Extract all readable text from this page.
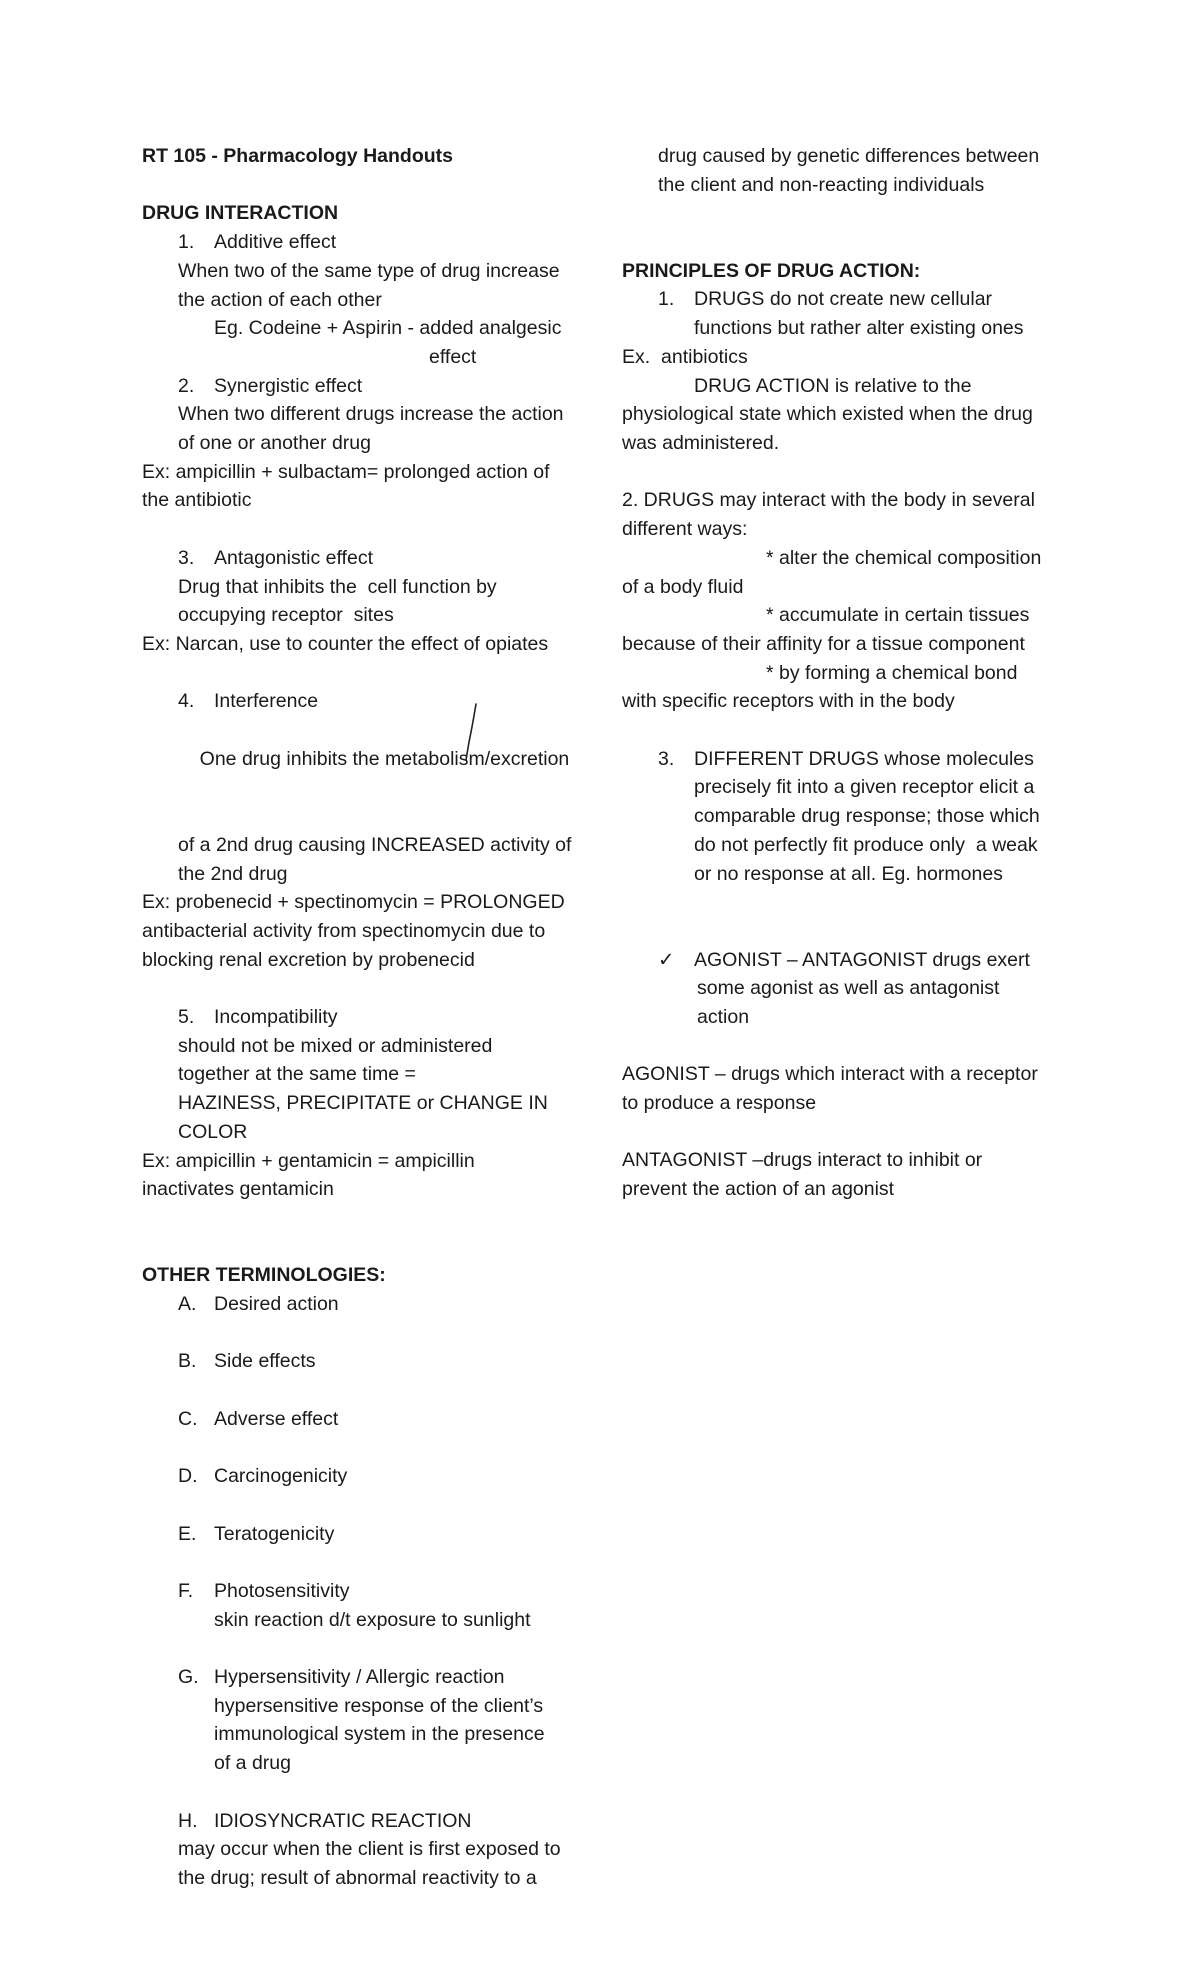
RT 105 - Pharmacology Handouts
DRUG INTERACTION
1. Additive effect
When two of the same type of drug increase
the action of each other
Eg. Codeine + Aspirin - added analgesic
effect
2. Synergistic effect
When two different drugs increase the action
of one or another drug
Ex: ampicillin + sulbactam= prolonged action of
the antibiotic
3. Antagonistic effect
Drug that inhibits the  cell function by
occupying receptor  sites
Ex: Narcan, use to counter the effect of opiates
4. Interference

One drug inhibits the metabolism/excretion

of a 2nd drug causing INCREASED activity of
the 2nd drug
Ex: probenecid + spectinomycin = PROLONGED
antibacterial activity from spectinomycin due to
blocking renal excretion by probenecid
5. Incompatibility
should not be mixed or administered
together at the same time =
HAZINESS, PRECIPITATE or CHANGE IN
COLOR
Ex: ampicillin + gentamicin = ampicillin
inactivates gentamicin
OTHER TERMINOLOGIES:
A. Desired action
B. Side effects
C. Adverse effect
D. Carcinogenicity
E. Teratogenicity
F. Photosensitivity
skin reaction d/t exposure to sunlight
G. Hypersensitivity / Allergic reaction
hypersensitive response of the client’s
immunological system in the presence
of a drug
H. IDIOSYNCRATIC REACTION
may occur when the client is first exposed to
the drug; result of abnormal reactivity to a
drug caused by genetic differences between
the client and non-reacting individuals
PRINCIPLES OF DRUG ACTION:
1. DRUGS do not create new cellular
functions but rather alter existing ones
Ex.  antibiotics
DRUG ACTION is relative to the
physiological state which existed when the drug
was administered.
2. DRUGS may interact with the body in several
different ways:
* alter the chemical composition
of a body fluid
* accumulate in certain tissues
because of their affinity for a tissue component
* by forming a chemical bond
with specific receptors with in the body
3. DIFFERENT DRUGS whose molecules
precisely fit into a given receptor elicit a
comparable drug response; those which
do not perfectly fit produce only  a weak
or no response at all. Eg. hormones
✓ AGONIST – ANTAGONIST drugs exert
some agonist as well as antagonist
action
AGONIST – drugs which interact with a receptor
to produce a response
ANTAGONIST –drugs interact to inhibit or
prevent the action of an agonist
